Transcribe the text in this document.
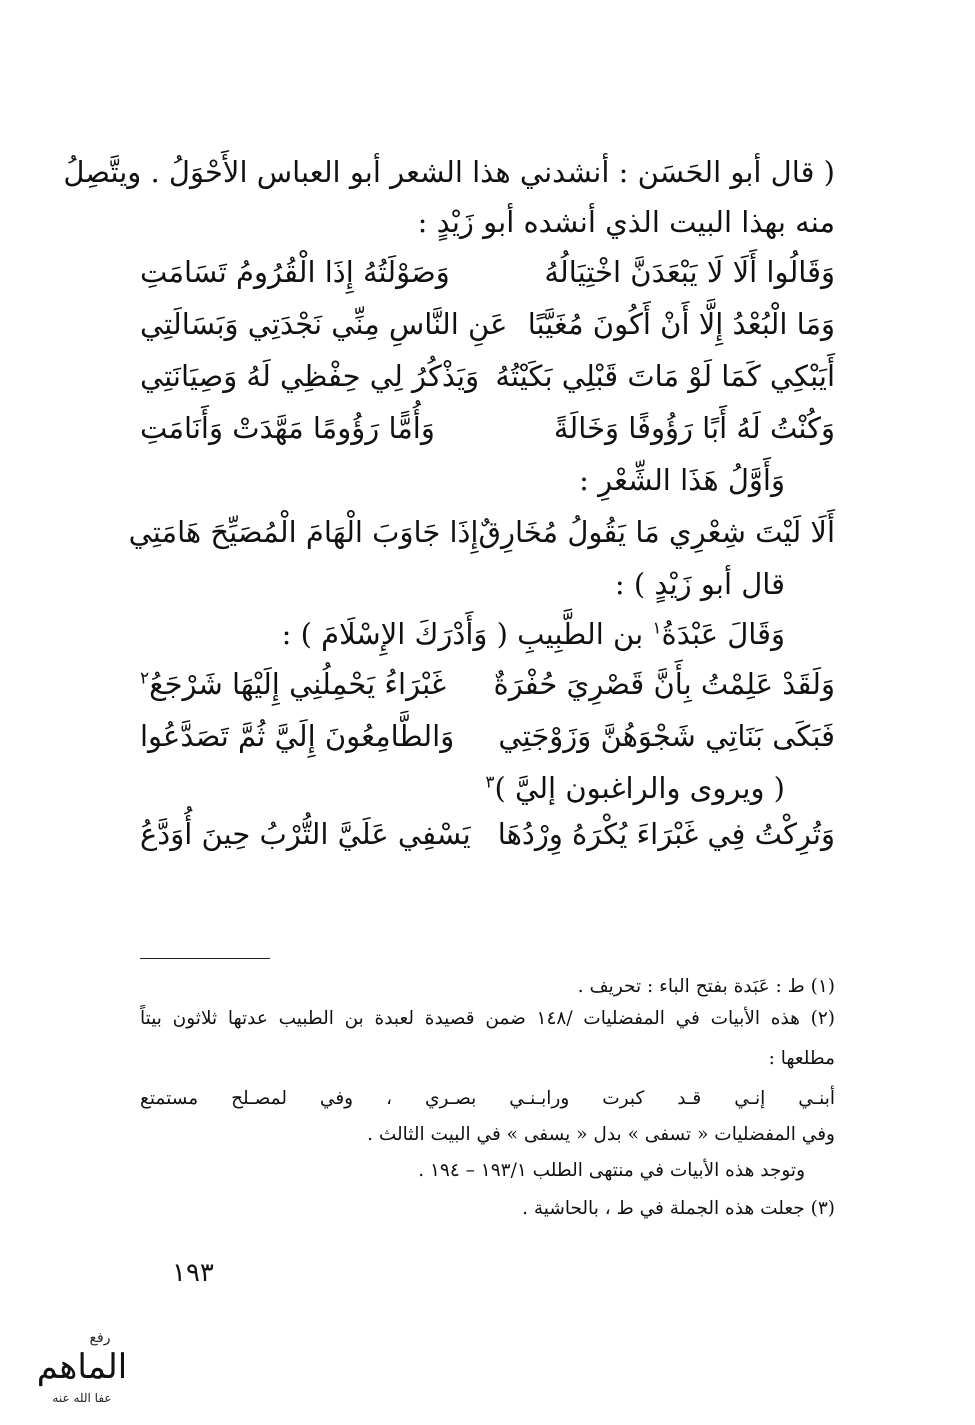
( قال أبو الحَسَن : أنشدني هذا الشعر أبو العباس الأَحْوَلُ . ويتَّصِلُ
منه بهذا البيت الذي أنشده أبو زَيْدٍ :
وَقَالُوا أَلَا لَا يَبْعَدَنَّ اخْتِيَالُهُ
وَصَوْلَتُهُ إِذَا الْقُرُومُ تَسَامَتِ
وَمَا الْبُعْدُ إِلَّا أَنْ أَكُونَ مُغَيَّبًا
عَنِ النَّاسِ مِنِّي نَجْدَتِي وَبَسَالَتِي
أَيَبْكِي كَمَا لَوْ مَاتَ قَبْلِي بَكَيْتُهُ
وَيَذْكُرُ لِي حِفْظِي لَهُ وَصِيَانَتِي
وَكُنْتُ لَهُ أَبًا رَؤُوفًا وَخَالَةً
وَأُمًّا رَؤُومًا مَهَّدَتْ وَأَنَامَتِ
وَأَوَّلُ هَذَا الشِّعْرِ :
أَلَا لَيْتَ شِعْرِي مَا يَقُولُ مُخَارِقٌ
إِذَا جَاوَبَ الْهَامَ الْمُصَيِّحَ هَامَتِي
قال أبو زَيْدٍ ) :
وَقَالَ عَبْدَةُ$^١$ بن الطَّبِيبِ ( وَأَدْرَكَ الإِسْلَامَ ) :
وَلَقَدْ عَلِمْتُ بِأَنَّ قَصْرِيَ حُفْرَةٌ
غَبْرَاءُ يَحْمِلُنِي إِلَيْهَا شَرْجَعُ$^٢$
فَبَكَى بَنَاتِي شَجْوَهُنَّ وَزَوْجَتِي
وَالطَّامِعُونَ إِلَيَّ ثُمَّ تَصَدَّعُوا
( ويروى والراغبون إليَّ )$^٣$
وَتُرِكْتُ فِي غَبْرَاءَ يُكْرَهُ وِرْدُهَا
يَسْفِي عَلَيَّ التُّرْبُ حِينَ أُوَدَّعُ
(١) ط : عَبَدة بفتح الباء : تحريف .
(٢) هذه الأبيات في المفضليات /١٤٨ ضمن قصيدة لعبدة بن الطبيب عدتها ثلاثون بيتاً
مطلعها :
أبنـي إنـي قـد كبرت ورابـنـي بصـري ، وفي لمصـلح مستمتع
وفي المفضليات « تسفى » بدل « يسفى » في البيت الثالث .
وتوجد هذه الأبيات في منتهى الطلب ١٩٣/١ – ١٩٤ .
(٣) جعلت هذه الجملة في ط ، بالحاشية .
١٩٣
رفع
الماهم
عفا الله عنه
